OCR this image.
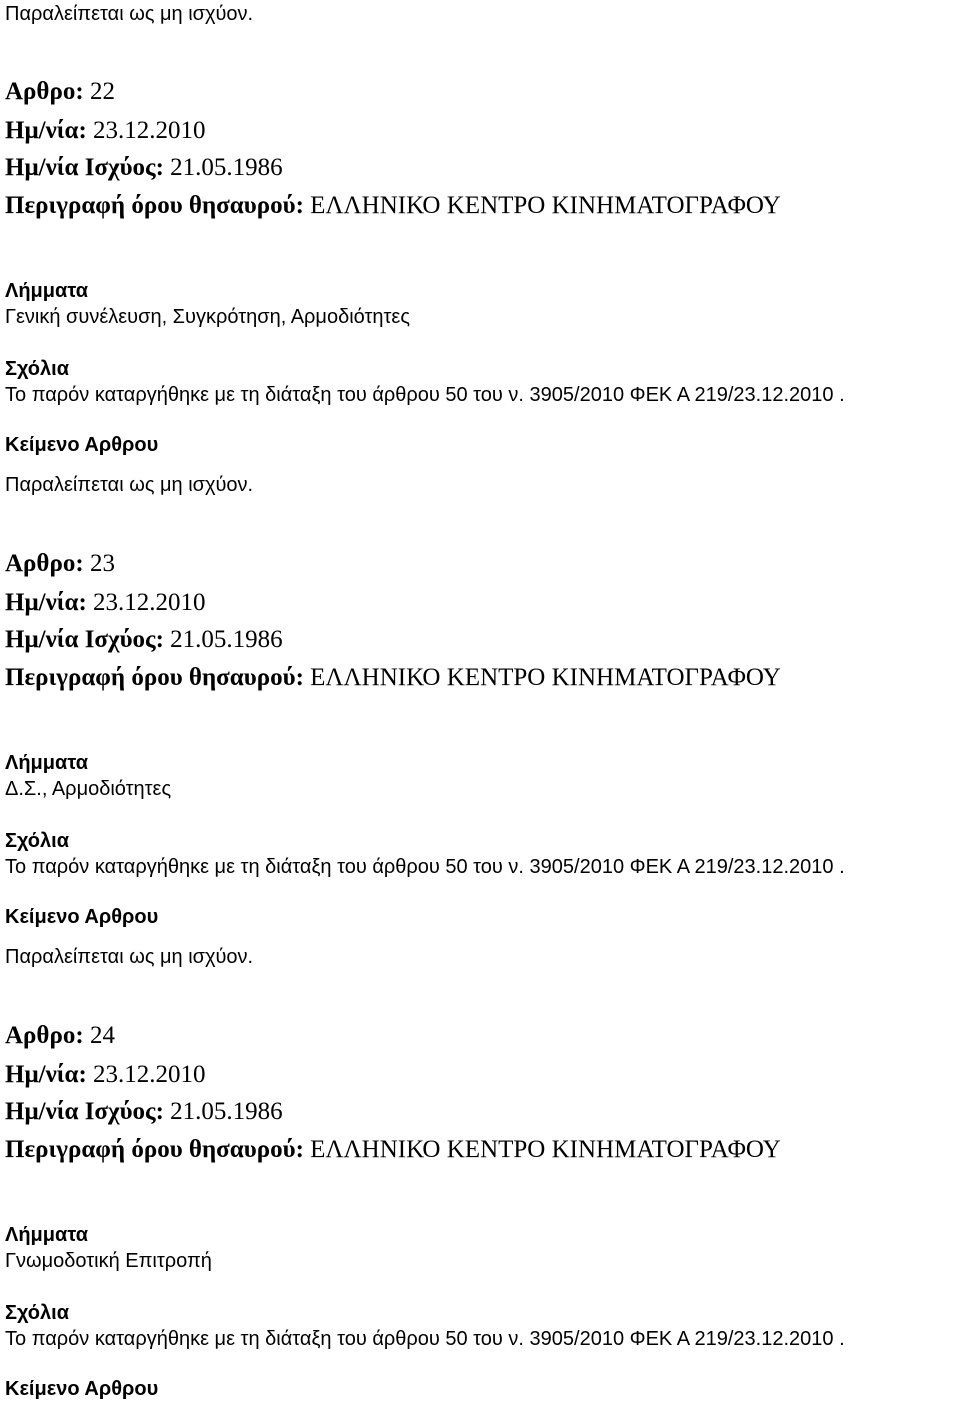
Παραλείπεται ως μη ισχύον.
Αρθρο: 22
Ημ/νία: 23.12.2010
Ημ/νία Ισχύος: 21.05.1986
Περιγραφή όρου θησαυρού: ΕΛΛΗΝΙΚΟ ΚΕΝΤΡΟ ΚΙΝΗΜΑΤΟΓΡΑΦΟΥ
Λήμματα
Γενική συνέλευση, Συγκρότηση, Αρμοδιότητες
Σχόλια
Το παρόν καταργήθηκε με τη διάταξη του άρθρου 50 του ν. 3905/2010 ΦΕΚ Α 219/23.12.2010 .
Κείμενο Αρθρου
Παραλείπεται ως μη ισχύον.
Αρθρο: 23
Ημ/νία: 23.12.2010
Ημ/νία Ισχύος: 21.05.1986
Περιγραφή όρου θησαυρού: ΕΛΛΗΝΙΚΟ ΚΕΝΤΡΟ ΚΙΝΗΜΑΤΟΓΡΑΦΟΥ
Λήμματα
Δ.Σ., Αρμοδιότητες
Σχόλια
Το παρόν καταργήθηκε με τη διάταξη του άρθρου 50 του ν. 3905/2010 ΦΕΚ Α 219/23.12.2010 .
Κείμενο Αρθρου
Παραλείπεται ως μη ισχύον.
Αρθρο: 24
Ημ/νία: 23.12.2010
Ημ/νία Ισχύος: 21.05.1986
Περιγραφή όρου θησαυρού: ΕΛΛΗΝΙΚΟ ΚΕΝΤΡΟ ΚΙΝΗΜΑΤΟΓΡΑΦΟΥ
Λήμματα
Γνωμοδοτική Επιτροπή
Σχόλια
Το παρόν καταργήθηκε με τη διάταξη του άρθρου 50 του ν. 3905/2010 ΦΕΚ Α 219/23.12.2010 .
Κείμενο Αρθρου
